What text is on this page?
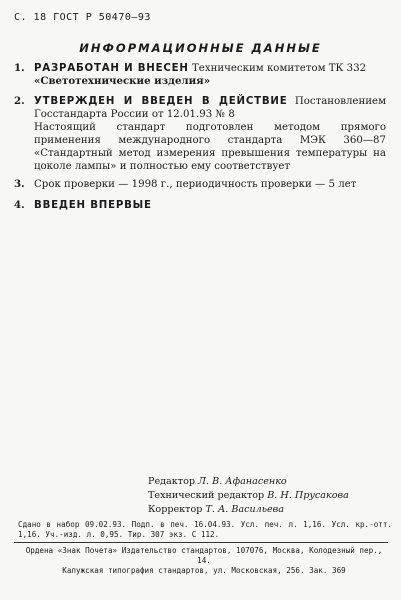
С. 18 ГОСТ Р 50470—93
ИНФОРМАЦИОННЫЕ ДАННЫЕ
1. РАЗРАБОТАН И ВНЕСЕН Техническим комитетом ТК 332
«Светотехнические изделия»
2. УТВЕРЖДЕН И ВВЕДЕН В ДЕЙСТВИЕ Постановлением Госстандарта России от 12.01.93 № 8
Настоящий стандарт подготовлен методом прямого применения международного стандарта МЭК 360—87 «Стандартный метод измерения превышения температуры на цоколе лампы» и полностью ему соответствует
3. Срок проверки — 1998 г., периодичность проверки — 5 лет
4. ВВЕДЕН ВПЕРВЫЕ
Редактор Л. В. Афанасенко
Технический редактор В. Н. Прусакова
Корректор Т. А. Васильева
Сдано в набор 09.02.93. Подп. в печ. 16.04.93. Усл. печ. л. 1,16. Усл. кр.-отт. 1,16. Уч.-изд. л. 0,95. Тир. 307 экз. С 112.
Ордена «Знак Почета» Издательство стандартов, 107076, Москва, Колодезный пер., 14.
Калужская типография стандартов, ул. Московская, 256. Зак. 369
